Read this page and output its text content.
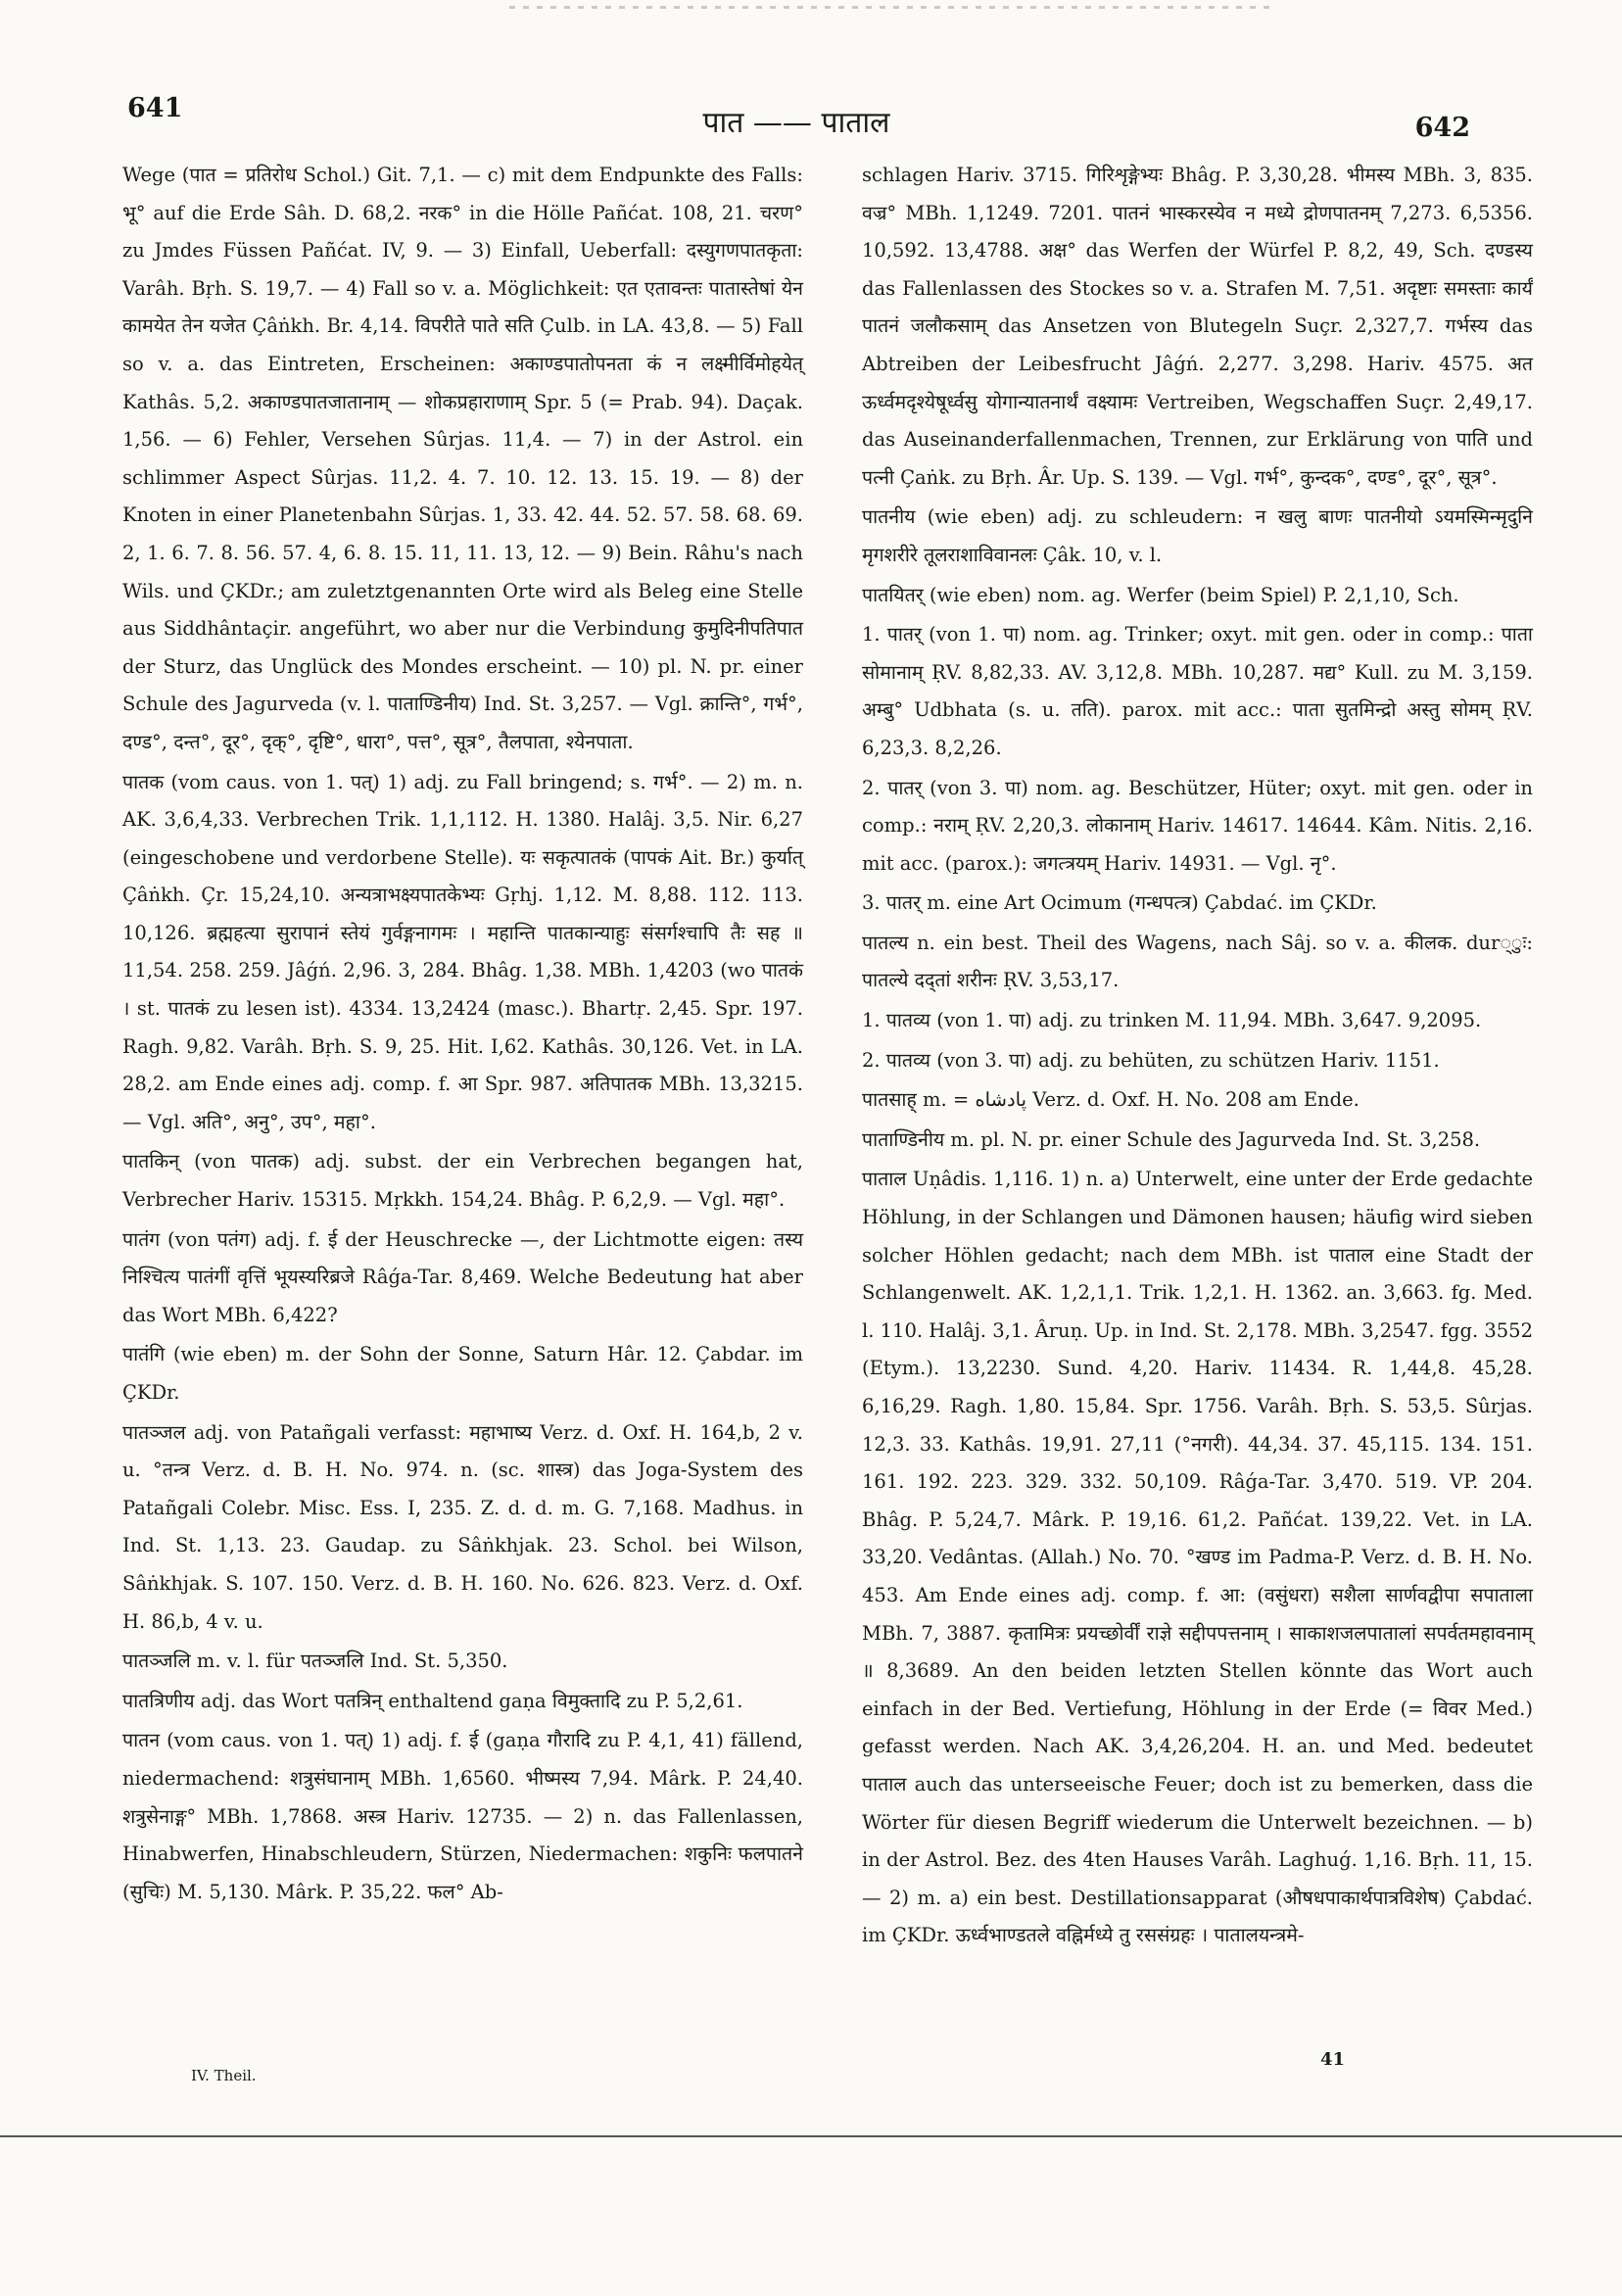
641	पात —— पाताल	642

Wege (पात = प्रतिरोध Schol.) Git. 7,1. — c) mit dem Endpunkte des Falls: भू° auf die Erde Sâh. D. 68,2. नरक° in die Hölle Pañćat. 108, 21. चरण° zu Jmdes Füssen Pañćat. IV, 9. — 3) Einfall, Ueberfall: दस्युगणपातकृता: Varâh. Bṛh. S. 19,7. — 4) Fall so v. a. Möglichkeit: एत एतावन्तः पातास्तेषां येन कामयेत तेन यजेत Çâṅkh. Br. 4,14. विपरीते पाते सति Çulb. in LA. 43,8. — 5) Fall so v. a. das Eintreten, Erscheinen: अकाण्डपातोपनता कं न लक्ष्मीर्विमोहयेत् Kathâs. 5,2. अकाण्डपातजातानाम् — शोकप्रहाराणाम् Spr. 5 (= Prab. 94). Daçak. 1,56. — 6) Fehler, Versehen Sûrjas. 11,4. — 7) in der Astrol. ein schlimmer Aspect Sûrjas. 11,2. 4. 7. 10. 12. 13. 15. 19. — 8) der Knoten in einer Planetenbahn Sûrjas. 1, 33. 42. 44. 52. 57. 58. 68. 69. 2, 1. 6. 7. 8. 56. 57. 4, 6. 8. 15. 11, 11. 13, 12. — 9) Bein. Râhu's nach Wils. und ÇKDr.; am zuletztgenannten Orte wird als Beleg eine Stelle aus Siddhântaçir. angeführt, wo aber nur die Verbindung कुमुदिनीपतिपात der Sturz, das Unglück des Mondes erscheint. — 10) pl. N. pr. einer Schule des Jagurveda (v. l. पाताण्डिनीय) Ind. St. 3,257. — Vgl. क्रान्ति°, गर्भ°, दण्ड°, दन्त°, दूर°, दृक्°, दृष्टि°, धारा°, पत्त°, सूत्र°, तैलपाता, श्येनपाता.

पातक (vom caus. von 1. पत्) 1) adj. zu Fall bringend; s. गर्भ°. — 2) m. n. AK. 3,6,4,33. Verbrechen Trik. 1,1,112. H. 1380. Halâj. 3,5. Nir. 6,27 (eingeschobene und verdorbene Stelle). यः सकृत्पातकं (पापकं Ait. Br.) कुर्यात् Çâṅkh. Çr. 15,24,10. अन्यत्राभक्ष्यपातकेभ्यः Gṛhj. 1,12. M. 8,88. 112. 113. 10,126. ब्रह्महत्या सुरापानं स्तेयं गुर्वङ्गनागमः । महान्ति पातकान्याहुः संसर्गश्चापि तैः सह ॥ 11,54. 258. 259. Jâǵń. 2,96. 3, 284. Bhâg. 1,38. MBh. 1,4203 (wo पातकं । st. पातकं zu lesen ist). 4334. 13,2424 (masc.). Bhartṛ. 2,45. Spr. 197. Ragh. 9,82. Varâh. Bṛh. S. 9, 25. Hit. I,62. Kathâs. 30,126. Vet. in LA. 28,2. am Ende eines adj. comp. f. आ Spr. 987. अतिपातक MBh. 13,3215. — Vgl. अति°, अनु°, उप°, महा°.

पातकिन् (von पातक) adj. subst. der ein Verbrechen begangen hat, Verbrecher Hariv. 15315. Mṛkkh. 154,24. Bhâg. P. 6,2,9. — Vgl. महा°.

पातंग (von पतंग) adj. f. ई der Heuschrecke —, der Lichtmotte eigen: तस्य निश्चित्य पातंगीं वृत्तिं भूयस्यरिब्रजे Râǵa-Tar. 8,469. Welche Bedeutung hat aber das Wort MBh. 6,422?

पातंगि (wie eben) m. der Sohn der Sonne, Saturn Hâr. 12. Çabdar. im ÇKDr.

पातञ्जल adj. von Patañgali verfasst: महाभाष्य Verz. d. Oxf. H. 164,b, 2 v. u. °तन्त्र Verz. d. B. H. No. 974. n. (sc. शास्त्र) das Joga-System des Patañgali Colebr. Misc. Ess. I, 235. Z. d. d. m. G. 7,168. Madhus. in Ind. St. 1,13. 23. Gaudap. zu Sâṅkhjak. 23. Schol. bei Wilson, Sâṅkhjak. S. 107. 150. Verz. d. B. H. 160. No. 626. 823. Verz. d. Oxf. H. 86,b, 4 v. u.

पातञ्जलि m. v. l. für पतञ्जलि Ind. St. 5,350.

पातत्रिणीय adj. das Wort पतत्रिन् enthaltend gaṇa विमुक्तादि zu P. 5,2,61.

पातन (vom caus. von 1. पत्) 1) adj. f. ई (gaṇa गौरादि zu P. 4,1, 41) fällend, niedermachend: शत्रुसंघानाम् MBh. 1,6560. भीष्मस्य 7,94. Mârk. P. 24,40. शत्रुसेनाङ्ग° MBh. 1,7868. अस्त्र Hariv. 12735. — 2) n. das Fallenlassen, Hinabwerfen, Hinabschleudern, Stürzen, Niedermachen: शकुनिः फलपातने (सुचिः) M. 5,130. Mârk. P. 35,22. फल° Ab-

schlagen Hariv. 3715. गिरिशृङ्गेभ्यः Bhâg. P. 3,30,28. भीमस्य MBh. 3, 835. वज्र° MBh. 1,1249. 7201. पातनं भास्करस्येव न मध्ये द्रोणपातनम् 7,273. 6,5356. 10,592. 13,4788. अक्ष° das Werfen der Würfel P. 8,2, 49, Sch. दण्डस्य das Fallenlassen des Stockes so v. a. Strafen M. 7,51. अदृष्टाः समस्ताः कार्यं पातनं जलौकसाम् das Ansetzen von Blutegeln Suçr. 2,327,7. गर्भस्य das Abtreiben der Leibesfrucht Jâǵń. 2,277. 3,298. Hariv. 4575. अत ऊर्ध्वमदृश्येषूर्ध्वसु योगान्यातनार्थं वक्ष्यामः Vertreiben, Wegschaffen Suçr. 2,49,17. das Auseinanderfallenmachen, Trennen, zur Erklärung von पाति und पत्नी Çaṅk. zu Bṛh. Âr. Up. S. 139. — Vgl. गर्भ°, कुन्दक°, दण्ड°, दूर°, सूत्र°.

पातनीय (wie eben) adj. zu schleudern: न खलु बाणः पातनीयो ऽयमस्मिन्मृदुनि मृगशरीरे तूलराशाविवानलः Çâk. 10, v. l.

पातयितर् (wie eben) nom. ag. Werfer (beim Spiel) P. 2,1,10, Sch.

1. पातर् (von 1. पा) nom. ag. Trinker; oxyt. mit gen. oder in comp.: पाता सोमानाम् ṚV. 8,82,33. AV. 3,12,8. MBh. 10,287. मद्य° Kull. zu M. 3,159. अम्बु° Udbhata (s. u. तति). parox. mit acc.: पाता सुतमिन्द्रो अस्तु सोमम् ṚV. 6,23,3. 8,2,26.

2. पातर् (von 3. पा) nom. ag. Beschützer, Hüter; oxyt. mit gen. oder in comp.: नराम् ṚV. 2,20,3. लोकानाम् Hariv. 14617. 14644. Kâm. Nitis. 2,16. mit acc. (parox.): जगत्त्रयम् Hariv. 14931. — Vgl. नृ°.

3. पातर् m. eine Art Ocimum (गन्धपत्त्र) Çabdać. im ÇKDr.

पातल्य n. ein best. Theil des Wagens, nach Sâj. so v. a. कीलक. dur्ुः: पातल्ये दद्तां शरीनः ṚV. 3,53,17.

1. पातव्य (von 1. पा) adj. zu trinken M. 11,94. MBh. 3,647. 9,2095.

2. पातव्य (von 3. पा) adj. zu behüten, zu schützen Hariv. 1151.

पातसाह् m. = پادشاه Verz. d. Oxf. H. No. 208 am Ende.

पाताण्डिनीय m. pl. N. pr. einer Schule des Jagurveda Ind. St. 3,258.

पाताल Uṇâdis. 1,116. 1) n. a) Unterwelt, eine unter der Erde gedachte Höhlung, in der Schlangen und Dämonen hausen; häufig wird sieben solcher Höhlen gedacht; nach dem MBh. ist पाताल eine Stadt der Schlangenwelt. AK. 1,2,1,1. Trik. 1,2,1. H. 1362. an. 3,663. fg. Med. l. 110. Halâj. 3,1. Âruṇ. Up. in Ind. St. 2,178. MBh. 3,2547. fgg. 3552 (Etym.). 13,2230. Sund. 4,20. Hariv. 11434. R. 1,44,8. 45,28. 6,16,29. Ragh. 1,80. 15,84. Spr. 1756. Varâh. Bṛh. S. 53,5. Sûrjas. 12,3. 33. Kathâs. 19,91. 27,11 (°नगरी). 44,34. 37. 45,115. 134. 151. 161. 192. 223. 329. 332. 50,109. Râǵa-Tar. 3,470. 519. VP. 204. Bhâg. P. 5,24,7. Mârk. P. 19,16. 61,2. Pañćat. 139,22. Vet. in LA. 33,20. Vedântas. (Allah.) No. 70. °खण्ड im Padma-P. Verz. d. B. H. No. 453. Am Ende eines adj. comp. f. आ: (वसुंधरा) सशैला सार्णवद्वीपा सपाताला MBh. 7, 3887. कृतामित्रः प्रयच्छोर्वीं राज्ञे सद्दीपपत्तनाम् । साकाशजलपातालां सपर्वतमहावनाम् ॥ 8,3689. An den beiden letzten Stellen könnte das Wort auch einfach in der Bed. Vertiefung, Höhlung in der Erde (= विवर Med.) gefasst werden. Nach AK. 3,4,26,204. H. an. und Med. bedeutet पाताल auch das unterseeische Feuer; doch ist zu bemerken, dass die Wörter für diesen Begriff wiederum die Unterwelt bezeichnen. — b) in der Astrol. Bez. des 4ten Hauses Varâh. Laghuǵ. 1,16. Bṛh. 11, 15. — 2) m. a) ein best. Destillationsapparat (औषधपाकार्थपात्रविशेष) Çabdać. im ÇKDr. ऊर्ध्वभाण्डतले वह्निर्मध्ये तु रससंग्रहः । पातालयन्त्रमे-

IV. Theil.
41
